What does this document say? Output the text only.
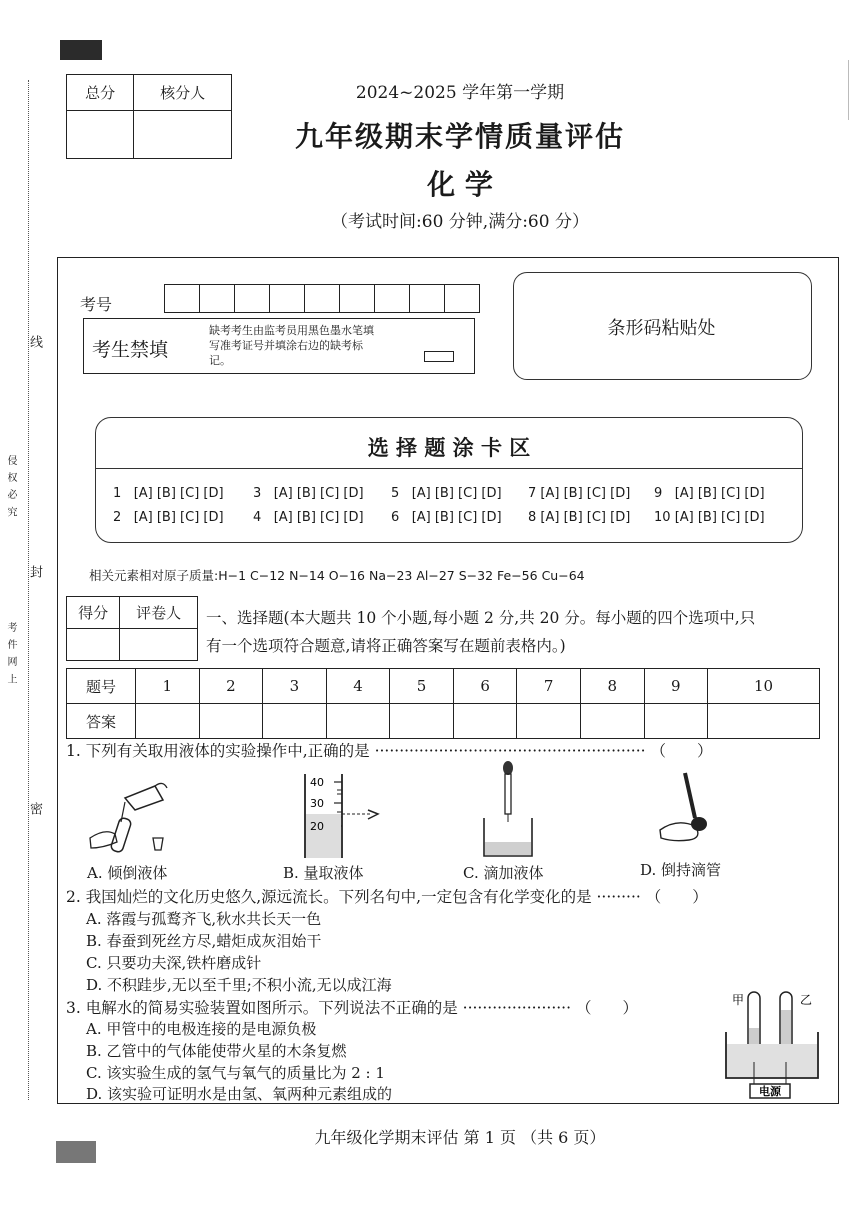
线
侵 权 必 究
封
考 件 网 上
密
总分	核分人
		2024~2025 学年第一学期
九年级期末学情质量评估
化 学
（考试时间:60 分钟,满分:60 分）
考号
考生禁填
缺考考生由监考员用黑色墨水笔填写准考证号并填涂右边的缺考标记。
条形码粘贴处
选 择 题 涂 卡 区
1 [A] [B] [C] [D] 3 [A] [B] [C] [D] 5 [A] [B] [C] [D] 7 [A] [B] [C] [D] 9 [A] [B] [C] [D]
2 [A] [B] [C] [D] 4 [A] [B] [C] [D] 6 [A] [B] [C] [D] 8 [A] [B] [C] [D] 10 [A] [B] [C] [D]
相关元素相对原子质量:H−1 C−12 N−14 O−16 Na−23 Al−27 S−32 Fe−56 Cu−64
得分	评卷人
	一、选择题(本大题共 10 个小题,每小题 2 分,共 20 分。每小题的四个选项中,只
有一个选项符合题意,请将正确答案写在题前表格内。)
题号	1	2	3	4	5	6	7	8	9	10
答案										
1. 下列有关取用液体的实验操作中,正确的是 ······················································· （　　）
40
30
20
A. 倾倒液体	B. 量取液体	C. 滴加液体	D. 倒持滴管
2. 我国灿烂的文化历史悠久,源远流长。下列名句中,一定包含有化学变化的是 ········· （　　）
A. 落霞与孤鹜齐飞,秋水共长天一色
B. 春蚕到死丝方尽,蜡炬成灰泪始干
C. 只要功夫深,铁杵磨成针
D. 不积跬步,无以至千里;不积小流,无以成江海
3. 电解水的简易实验装置如图所示。下列说法不正确的是 ······················ （　　）
A. 甲管中的电极连接的是电源负极
B. 乙管中的气体能使带火星的木条复燃
C. 该实验生成的氢气与氧气的质量比为 2 : 1
D. 该实验可证明水是由氢、氧两种元素组成的	电源
甲	乙
九年级化学期末评估 第 1 页 （共 6 页）
